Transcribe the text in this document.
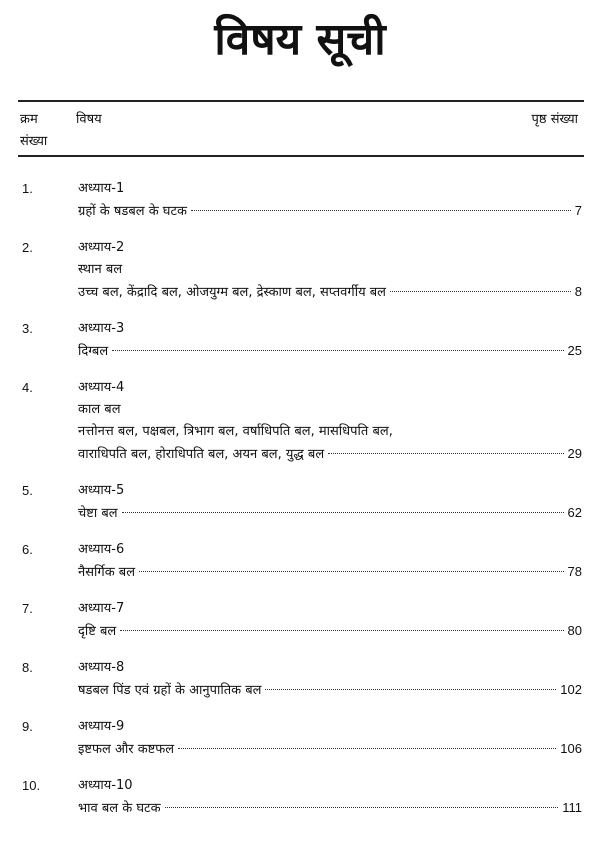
विषय सूची
क्रम
संख्या
विषय	पृष्ठ संख्या
1.	अध्याय-1
ग्रहों के षडबल के घटक	7
2.	अध्याय-2
स्थान बल
उच्च बल, केंद्रादि बल, ओजयुग्म बल, द्रेस्काण बल, सप्तवर्गीय बल	8
3.	अध्याय-3
दिग्बल	25
4.	अध्याय-4
काल बल
नत्तोनत्त बल, पक्षबल, त्रिभाग बल, वर्षाधिपति बल, मासधिपति बल,
वाराधिपति बल, होराधिपति बल, अयन बल, युद्ध बल	29
5.	अध्याय-5
चेष्टा बल	62
6.	अध्याय-6
नैसर्गिक बल	78
7.	अध्याय-7
दृष्टि बल	80
8.	अध्याय-8
षडबल पिंड एवं ग्रहों के आनुपातिक बल	102
9.	अध्याय-9
इष्टफल और कष्टफल	106
10.	अध्याय-10
भाव बल के घटक	111
